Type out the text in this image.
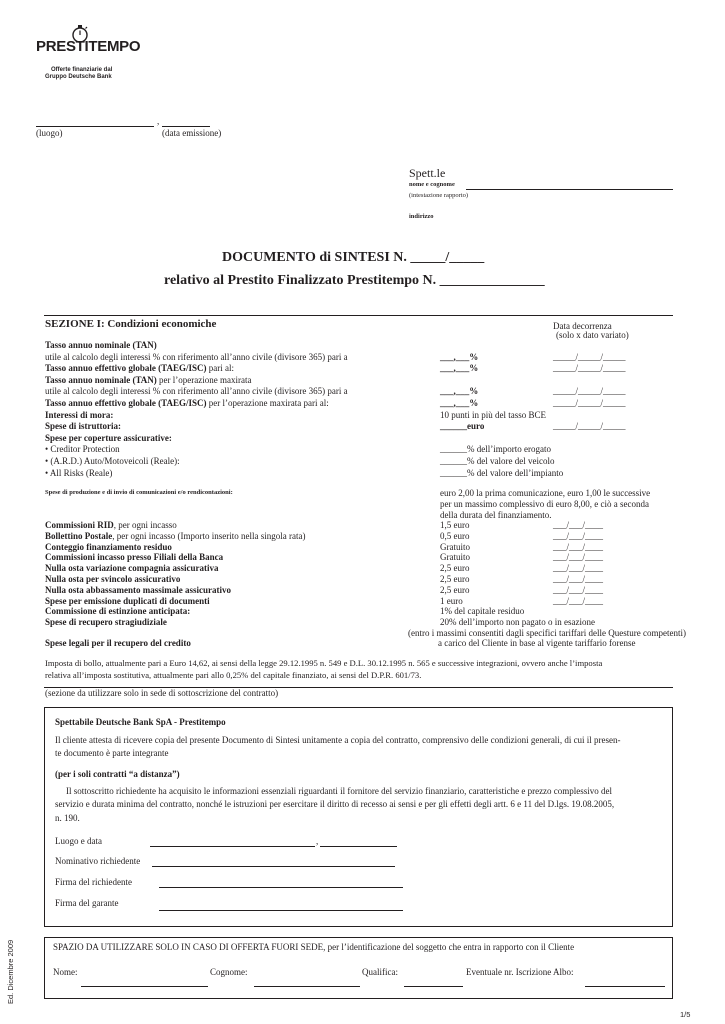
PRESTITEMPO
Offerte finanziarie dal
Gruppo Deutsche Bank
,
(luogo)	(data emissione)
Spett.le
nome e cognome
(intestazione rapporto)
indirizzo
DOCUMENTO di SINTESI N. _____/_____
relativo al Prestito Finalizzato Prestitempo N. _______________
SEZIONE I: Condizioni economiche	Data decorrenza
(solo x dato variato)
Tasso annuo nominale (TAN)
utile al calcolo degli interessi % con riferimento all’anno civile (divisore 365) pari a	___,___%	_____/_____/_____
Tasso annuo effettivo globale (TAEG/ISC) pari al:	___,___%	_____/_____/_____
Tasso annuo nominale (TAN) per l’operazione maxirata
utile al calcolo degli interessi % con riferimento all’anno civile (divisore 365) pari a	___,___%	_____/_____/_____
Tasso annuo effettivo globale (TAEG/ISC) per l’operazione maxirata pari al:	___,___%	_____/_____/_____
Interessi di mora:	10 punti in più del tasso BCE
Spese di istruttoria:	______euro	_____/_____/_____
Spese per coperture assicurative:
• Creditor Protection	______% dell’importo erogato
• (A.R.D.) Auto/Motoveicoli (Reale):	______% del valore del veicolo
• All Risks (Reale)	______% del valore dell’impianto
Spese di produzione e di invio di comunicazioni e/o rendicontazioni:	euro 2,00 la prima comunicazione, euro 1,00 le successive
per un massimo complessivo di euro 8,00, e ciò a seconda
della durata del finanziamento.
Commissioni RID, per ogni incasso	1,5 euro	___/___/____
Bollettino Postale, per ogni incasso (Importo inserito nella singola rata)	0,5 euro	___/___/____
Conteggio finanziamento residuo	Gratuito	___/___/____
Commissioni incasso presso Filiali della Banca	Gratuito	___/___/____
Nulla osta variazione compagnia assicurativa	2,5 euro	___/___/____
Nulla osta per svincolo assicurativo	2,5 euro	___/___/____
Nulla osta abbassamento massimale assicurativo	2,5 euro	___/___/____
Spese per emissione duplicati di documenti	1 euro	___/___/____
Commissione di estinzione anticipata:	1% del capitale residuo
Spese di recupero stragiudiziale	20% dell’importo non pagato o in esazione
(entro i massimi consentiti dagli specifici tariffari delle Questure competenti)
Spese legali per il recupero del credito	a carico del Cliente in base al vigente tariffario forense
Imposta di bollo, attualmente pari a Euro 14,62, ai sensi della legge 29.12.1995 n. 549 e D.L. 30.12.1995 n. 565 e successive integrazioni, ovvero anche l’imposta
relativa all’imposta sostitutiva, attualmente pari allo 0,25% del capitale finanziato, ai sensi del D.P.R. 601/73.
(sezione da utilizzare solo in sede di sottoscrizione del contratto)
Spettabile Deutsche Bank SpA - Prestitempo
Il cliente attesta di ricevere copia del presente Documento di Sintesi unitamente a copia del contratto, comprensivo delle condizioni generali, di cui il presen-
te documento è parte integrante
(per i soli contratti “a distanza”)
Il sottoscritto richiedente ha acquisito le informazioni essenziali riguardanti il fornitore del servizio finanziario, caratteristiche e prezzo complessivo del
servizio e durata minima del contratto, nonché le istruzioni per esercitare il diritto di recesso ai sensi e per gli effetti degli artt. 6 e 11 del D.lgs. 19.08.2005,
n. 190.
Luogo e data	,
Nominativo richiedente
Firma del richiedente
Firma del garante
SPAZIO DA UTILIZZARE SOLO IN CASO DI OFFERTA FUORI SEDE, per l’identificazione del soggetto che entra in rapporto con il Cliente
Nome:	Cognome:	Qualifica:	Eventuale nr. Iscrizione Albo:
Ed. Dicembre 2009
1/5
